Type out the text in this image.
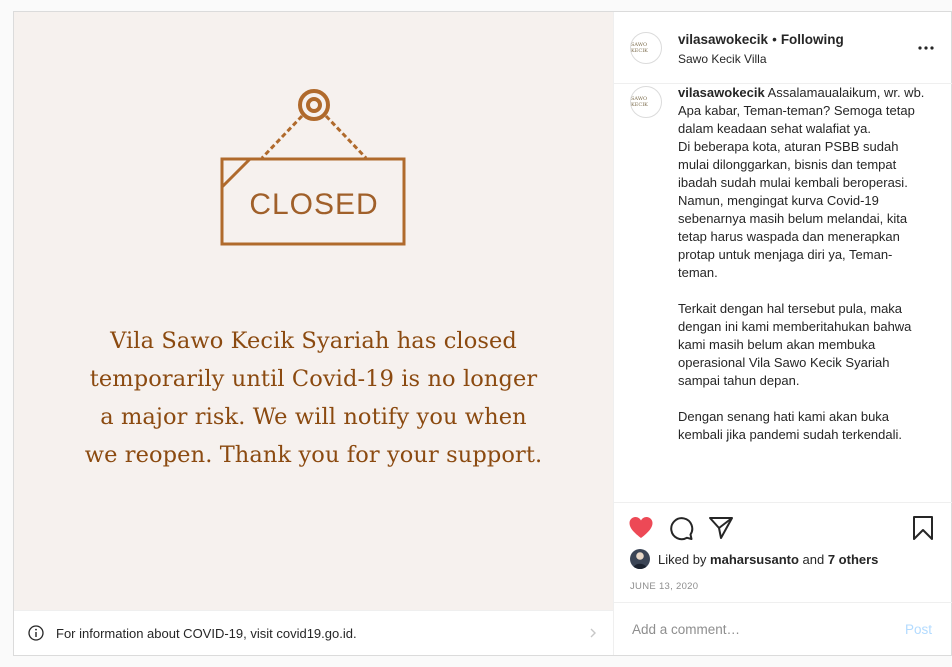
CLOSED
Vila Sawo Kecik Syariah has closed
temporarily until Covid-19 is no longer
a major risk. We will notify you when
we reopen. Thank you for your support.
For information about COVID-19, visit covid19.go.id.
SAWO KECIK
vilasawokecik • Following
Sawo Kecik Villa
SAWO KECIK
vilasawokecik Assalamaualaikum, wr. wb.
Apa kabar, Teman-teman? Semoga tetap dalam keadaan sehat walafiat ya.
Di beberapa kota, aturan PSBB sudah mulai dilonggarkan, bisnis dan tempat ibadah sudah mulai kembali beroperasi.
Namun, mengingat kurva Covid-19 sebenarnya masih belum melandai, kita tetap harus waspada dan menerapkan protap untuk menjaga diri ya, Teman-teman.

Terkait dengan hal tersebut pula, maka dengan ini kami memberitahukan bahwa kami masih belum akan membuka operasional Vila Sawo Kecik Syariah sampai tahun depan.

Dengan senang hati kami akan buka kembali jika pandemi sudah terkendali.
Liked by maharsusanto and 7 others
JUNE 13, 2020
Add a comment…
Post
